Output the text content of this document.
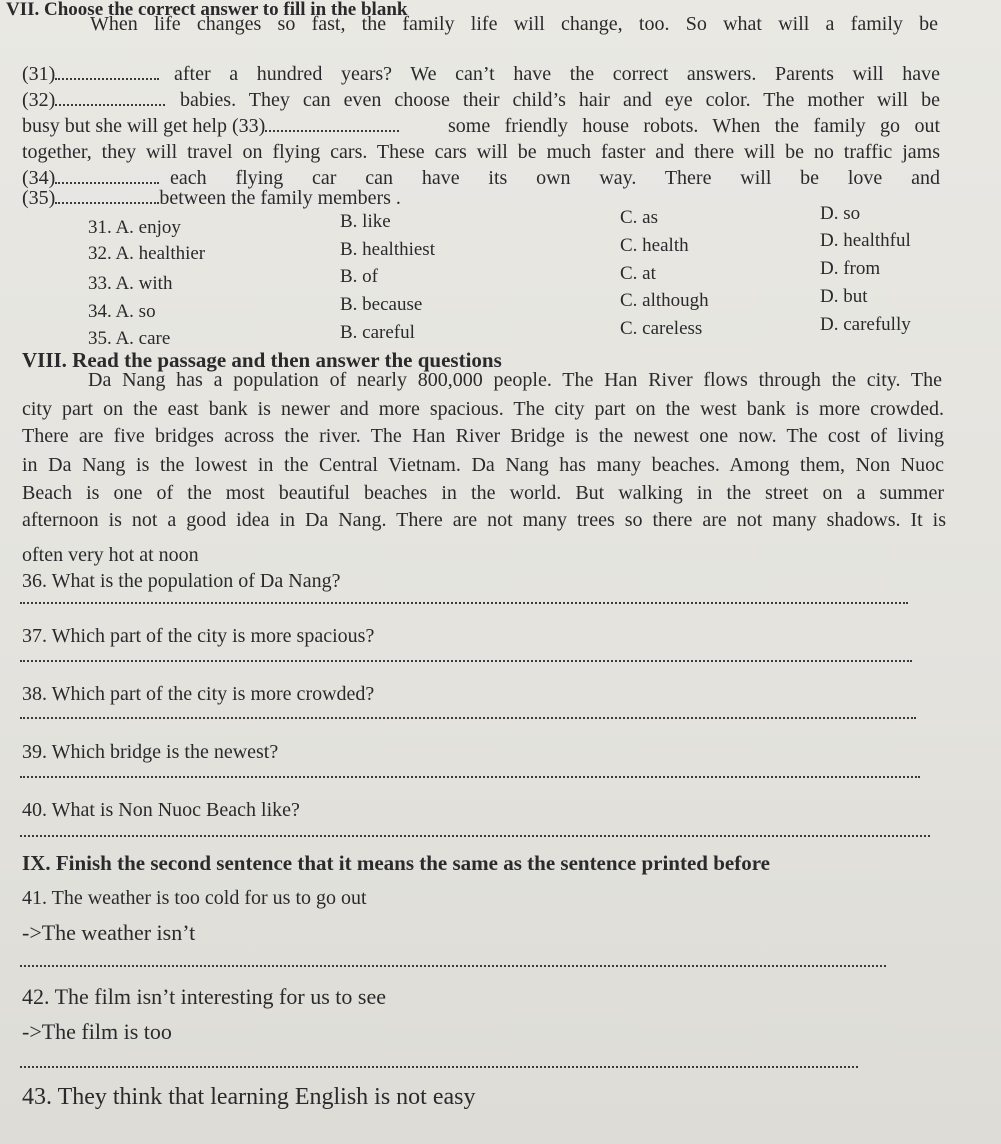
VII. Choose the correct answer to fill in the blank
When life changes so fast, the family life will change, too. So what will a family be
(31)	after a hundred years? We can’t have the correct answers. Parents will have
(32)	babies. They can even choose their child’s hair and eye color. The mother will be
busy but she will get help (33)	some friendly house robots. When the family go out
together, they will travel on flying cars. These cars will be much faster and there will be no traffic jams
(34)	each flying car can have its own way. There will be love and
(35)	between the family members .
31. A. enjoy	B. like	C. as	D. so
32. A. healthier	B. healthiest	C. health	D. healthful
33. A. with	B. of	C. at	D. from
34. A. so	B. because	C. although	D. but
35. A. care	B. careful	C. careless	D. carefully
VIII. Read the passage and then answer the questions
Da Nang has a population of nearly 800,000 people. The Han River flows through the city. The
city part on the east bank is newer and more spacious. The city part on the west bank is more crowded.
There are five bridges across the river. The Han River Bridge is the newest one now. The cost of living
in Da Nang is the lowest in the Central Vietnam. Da Nang has many beaches. Among them, Non Nuoc
Beach is one of the most beautiful beaches in the world. But walking in the street on a summer
afternoon is not a good idea in Da Nang. There are not many trees so there are not many shadows. It is
often very hot at noon
36. What is the population of Da Nang?
37. Which part of the city is more spacious?
38. Which part of the city is more crowded?
39. Which bridge is the newest?
40. What is Non Nuoc Beach like?
IX. Finish the second sentence that it means the same as the sentence printed before
41. The weather is too cold for us to go out
->The weather isn’t
42. The film isn’t interesting for us to see
->The film is too
43. They think that learning English is not easy
